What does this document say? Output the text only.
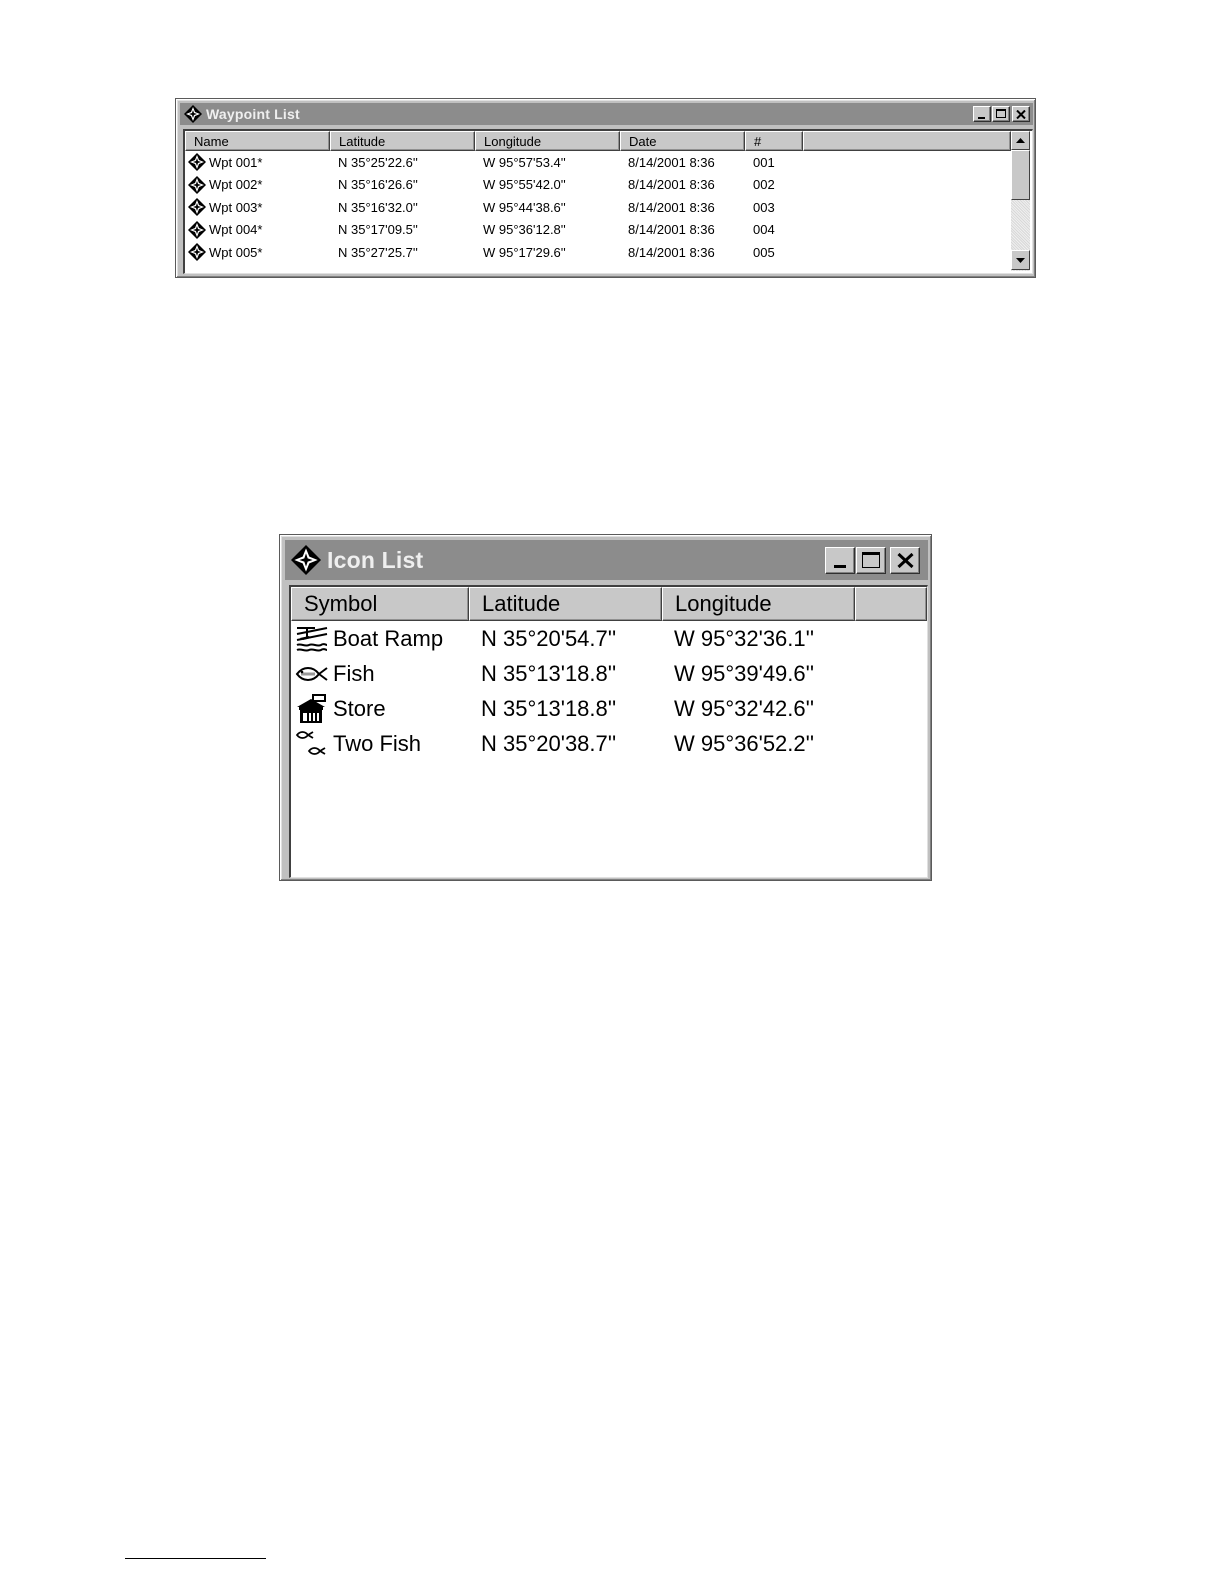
Waypoint List
Name	Latitude	Longitude	Date	#
Wpt 001*	N 35°25'22.6''	W 95°57'53.4''	8/14/2001 8:36	001
Wpt 002*	N 35°16'26.6''	W 95°55'42.0''	8/14/2001 8:36	002
Wpt 003*	N 35°16'32.0''	W 95°44'38.6''	8/14/2001 8:36	003
Wpt 004*	N 35°17'09.5''	W 95°36'12.8''	8/14/2001 8:36	004
Wpt 005*	N 35°27'25.7''	W 95°17'29.6''	8/14/2001 8:36	005
Icon List
Symbol	Latitude	Longitude
Boat Ramp	N 35°20'54.7''	W 95°32'36.1''
Fish	N 35°13'18.8''	W 95°39'49.6''
Store	N 35°13'18.8''	W 95°32'42.6''
Two Fish	N 35°20'38.7''	W 95°36'52.2''
